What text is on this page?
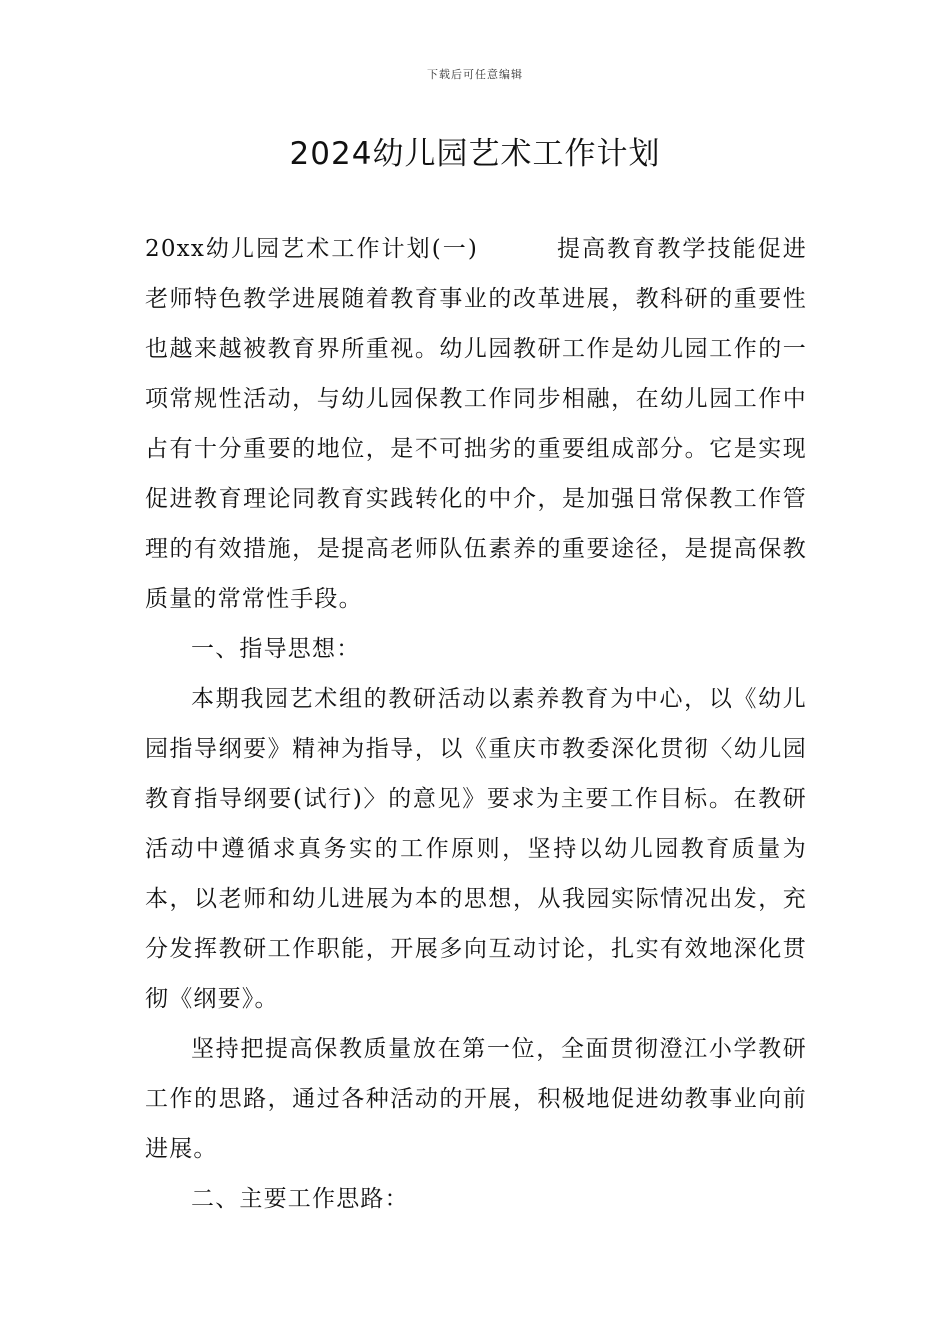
下载后可任意编辑
2024幼儿园艺术工作计划

20xx幼儿园艺术工作计划(一)	提高教育教学技能促进老师特色教学进展随着教育事业的改革进展，教科研的重要性也越来越被教育界所重视。幼儿园教研工作是幼儿园工作的一项常规性活动，与幼儿园保教工作同步相融，在幼儿园工作中占有十分重要的地位，是不可拙劣的重要组成部分。它是实现促进教育理论同教育实践转化的中介，是加强日常保教工作管理的有效措施，是提高老师队伍素养的重要途径，是提高保教质量的常常性手段。

一、指导思想：

本期我园艺术组的教研活动以素养教育为中心，以《幼儿园指导纲要》精神为指导，以《重庆市教委深化贯彻〈幼儿园教育指导纲要(试行)〉的意见》要求为主要工作目标。在教研活动中遵循求真务实的工作原则，坚持以幼儿园教育质量为本，以老师和幼儿进展为本的思想，从我园实际情况出发，充分发挥教研工作职能，开展多向互动讨论，扎实有效地深化贯彻《纲要》。

坚持把提高保教质量放在第一位，全面贯彻澄江小学教研工作的思路，通过各种活动的开展，积极地促进幼教事业向前进展。

二、主要工作思路：
